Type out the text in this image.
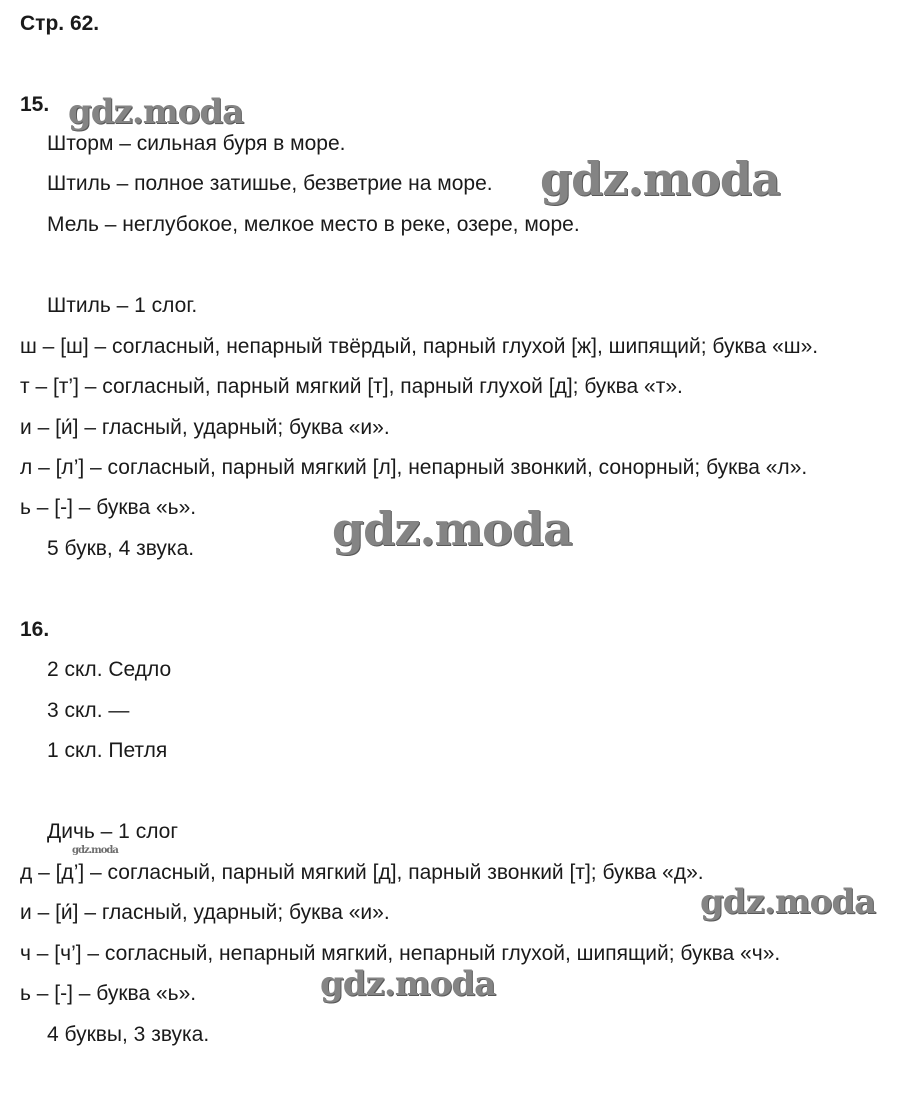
Стр. 62.
15.
Шторм – сильная буря в море.
Штиль – полное затишье, безветрие на море.
Мель – неглубокое, мелкое место в реке, озере, море.
Штиль – 1 слог.
ш – [ш] – согласный, непарный твёрдый, парный глухой [ж], шипящий; буква «ш».
т – [т’] – согласный, парный мягкий [т], парный глухой [д]; буква «т».
и – [и́] – гласный, ударный; буква «и».
л – [л’] – согласный, парный мягкий [л], непарный звонкий, сонорный; буква «л».
ь – [-] – буква «ь».
5 букв, 4 звука.
16.
2 скл. Седло
3 скл. —
1 скл. Петля
Дичь – 1 слог
д – [д’] – согласный, парный мягкий [д], парный звонкий [т]; буква «д».
и – [и́] – гласный, ударный; буква «и».
ч – [ч’] – согласный, непарный мягкий, непарный глухой, шипящий; буква «ч».
ь – [-] – буква «ь».
4 буквы, 3 звука.
gdz.moda
gdz.moda
gdz.moda
gdz.moda
gdz.moda
gdz.moda
